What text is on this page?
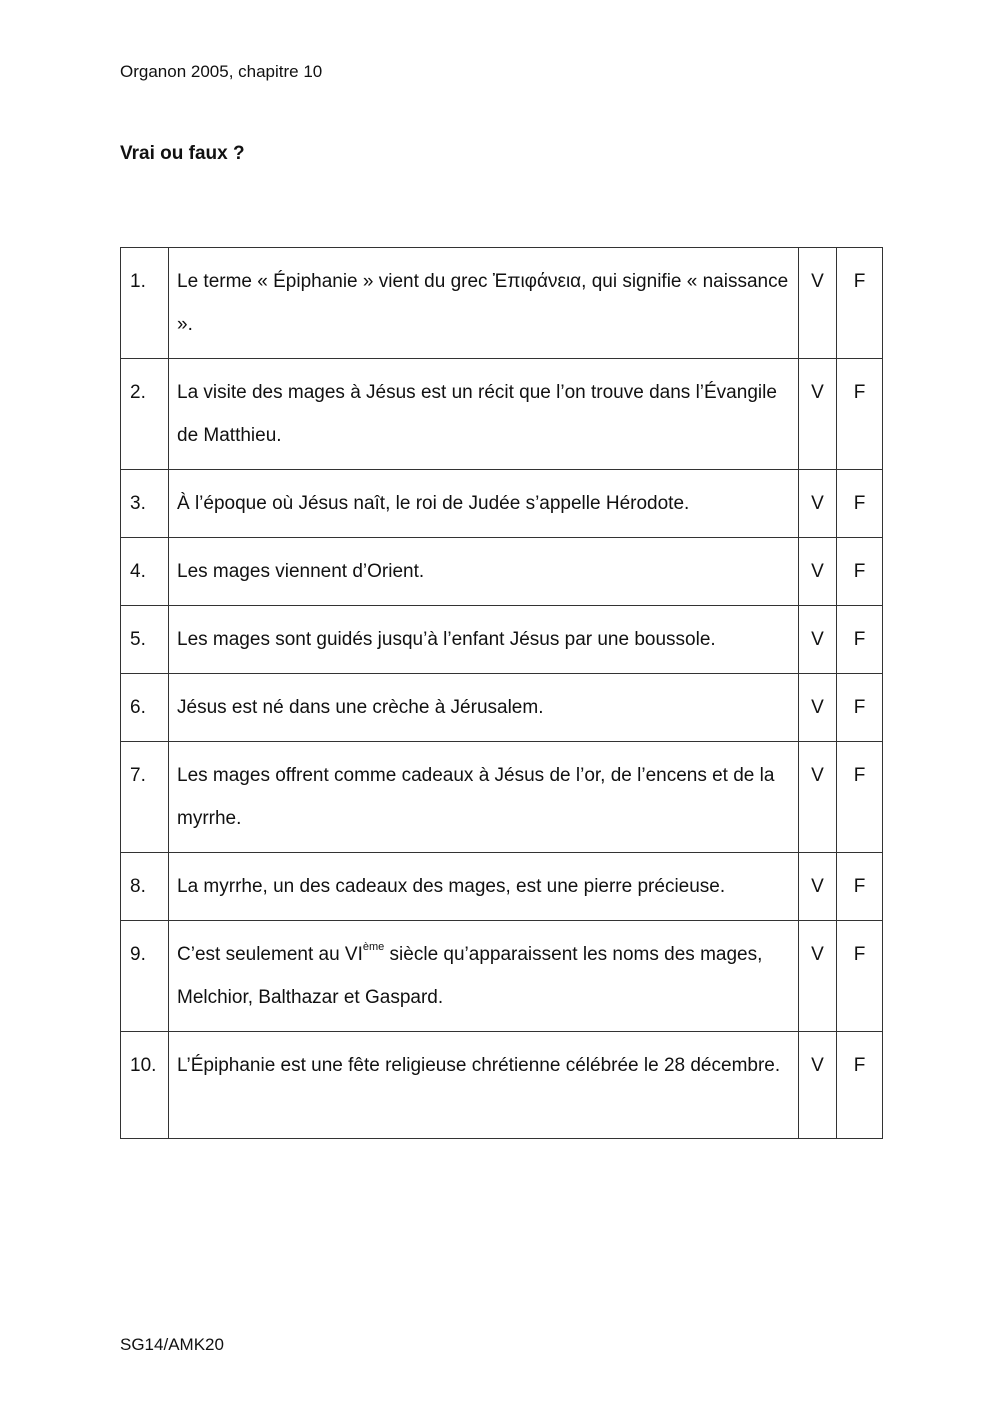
Organon 2005, chapitre 10
Vrai ou faux ?
1.	Le terme « Épiphanie » vient du grec Ἐπιφάνεια, qui signifie « naissance ».	V	F

2.	La visite des mages à Jésus est un récit que l’on trouve dans l’Évangile de Matthieu.	V	F

3.	À l’époque où Jésus naît, le roi de Judée s’appelle Hérodote.	V	F

4.	Les mages viennent d’Orient.	V	F

5.	Les mages sont guidés jusqu’à l’enfant Jésus par une boussole.	V	F

6.	Jésus est né dans une crèche à Jérusalem.	V	F

7.	Les mages offrent comme cadeaux à Jésus de l’or, de l’encens et de la myrrhe.	V	F

8.	La myrrhe, un des cadeaux des mages, est une pierre précieuse.	V	F

9.	C’est seulement au VIème siècle qu’apparaissent les noms des mages, Melchior, Balthazar et Gaspard.	V	F

10.	L’Épiphanie est une fête religieuse chrétienne célébrée le 28 décembre.	V	F
SG14/AMK20
